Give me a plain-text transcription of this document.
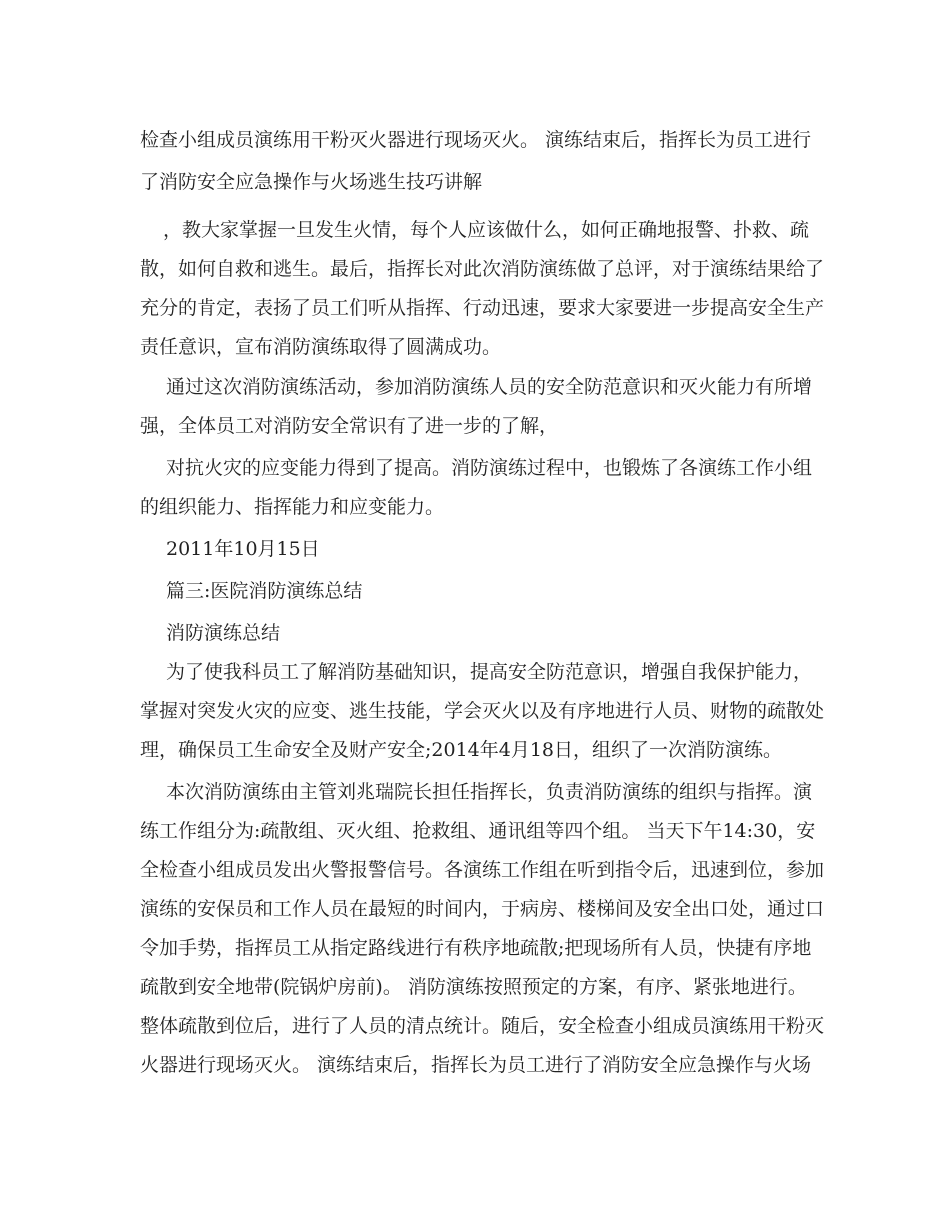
检查小组成员演练用干粉灭火器进行现场灭火。 演练结束后，指挥长为员工进行
了消防安全应急操作与火场逃生技巧讲解
，教大家掌握一旦发生火情，每个人应该做什么，如何正确地报警、扑救、疏
散，如何自救和逃生。最后，指挥长对此次消防演练做了总评，对于演练结果给了
充分的肯定，表扬了员工们听从指挥、行动迅速，要求大家要进一步提高安全生产
责任意识，宣布消防演练取得了圆满成功。
通过这次消防演练活动，参加消防演练人员的安全防范意识和灭火能力有所增
强，全体员工对消防安全常识有了进一步的了解，
对抗火灾的应变能力得到了提高。消防演练过程中，也锻炼了各演练工作小组
的组织能力、指挥能力和应变能力。
2011年10月15日
篇三:医院消防演练总结
消防演练总结
为了使我科员工了解消防基础知识，提高安全防范意识，增强自我保护能力，
掌握对突发火灾的应变、逃生技能，学会灭火以及有序地进行人员、财物的疏散处
理，确保员工生命安全及财产安全;2014年4月18日，组织了一次消防演练。
本次消防演练由主管刘兆瑞院长担任指挥长，负责消防演练的组织与指挥。演
练工作组分为:疏散组、灭火组、抢救组、通讯组等四个组。 当天下午14:30，安
全检查小组成员发出火警报警信号。各演练工作组在听到指令后，迅速到位，参加
演练的安保员和工作人员在最短的时间内，于病房、楼梯间及安全出口处，通过口
令加手势，指挥员工从指定路线进行有秩序地疏散;把现场所有人员，快捷有序地
疏散到安全地带(院锅炉房前)。 消防演练按照预定的方案，有序、紧张地进行。
整体疏散到位后，进行了人员的清点统计。随后，安全检查小组成员演练用干粉灭
火器进行现场灭火。 演练结束后，指挥长为员工进行了消防安全应急操作与火场
